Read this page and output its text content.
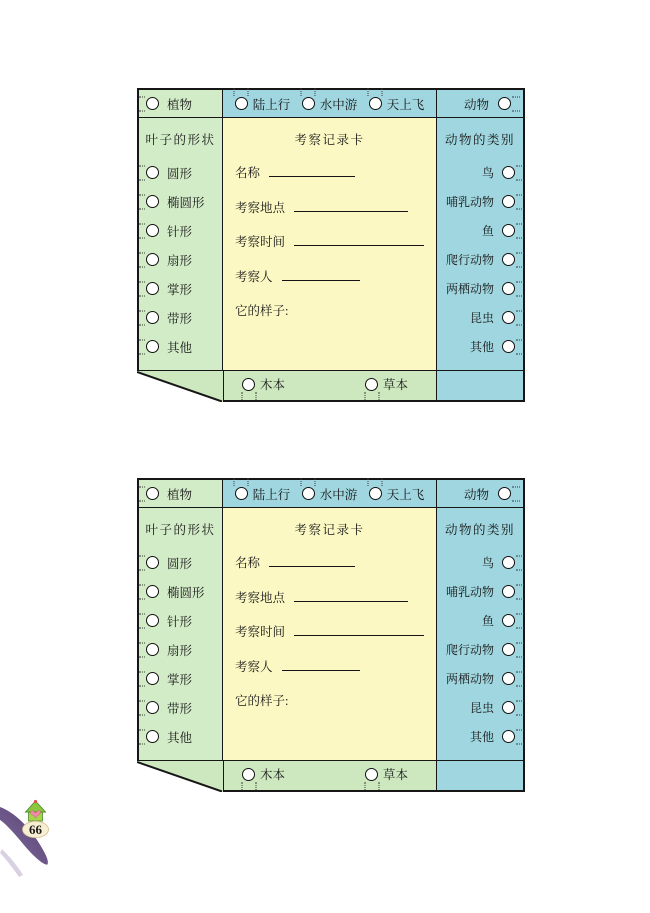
植物	陆上行 水中游 天上飞	动物
叶子的形状
圆形
椭圆形
针形
扇形
掌形
带形
其他
考察记录卡
名称
考察地点
考察时间
考察人
它的样子:
动物的类别
鸟
哺乳动物
鱼
爬行动物
两栖动物
昆虫
其他
木本	草本
植物	陆上行 水中游 天上飞	动物
叶子的形状
圆形
椭圆形
针形
扇形
掌形
带形
其他
考察记录卡
名称
考察地点
考察时间
考察人
它的样子:
动物的类别
鸟
哺乳动物
鱼
爬行动物
两栖动物
昆虫
其他
木本	草本
66
